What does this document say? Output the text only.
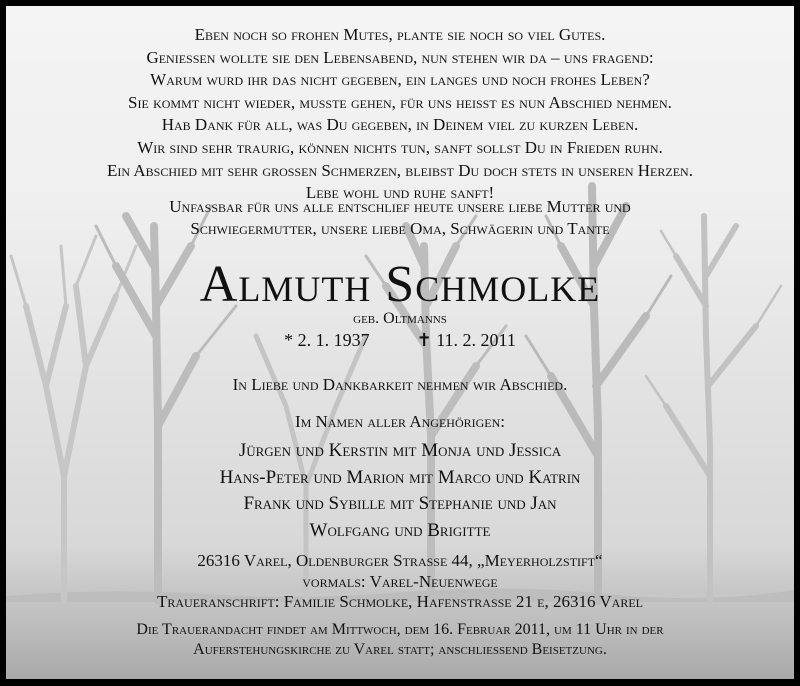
Eben noch so frohen Mutes, plante sie noch so viel Gutes.
Genießen wollte sie den Lebensabend, nun stehen wir da – uns fragend:
Warum wurd ihr das nicht gegeben, ein langes und noch frohes Leben?
Sie kommt nicht wieder, musste gehen, für uns heißt es nun Abschied nehmen.
Hab Dank für all, was Du gegeben, in Deinem viel zu kurzen Leben.
Wir sind sehr traurig, können nichts tun, sanft sollst Du in Frieden ruhn.
Ein Abschied mit sehr großen Schmerzen, bleibst Du doch stets in unseren Herzen.
Lebe wohl und ruhe sanft!
Unfassbar für uns alle entschlief heute unsere liebe Mutter und
Schwiegermutter, unsere liebe Oma, Schwägerin und Tante
Almuth Schmolke
geb. Oltmanns
* 2. 1. 1937	✝ 11. 2. 2011
In Liebe und Dankbarkeit nehmen wir Abschied.
Im Namen aller Angehörigen:
Jürgen und Kerstin mit Monja und Jessica
Hans-Peter und Marion mit Marco und Katrin
Frank und Sybille mit Stephanie und Jan
Wolfgang und Brigitte
26316 Varel, Oldenburger Straße 44, „Meyerholzstift“
vormals: Varel-Neuenwege
Traueranschrift: Familie Schmolke, Hafenstraße 21 e, 26316 Varel
Die Trauerandacht findet am Mittwoch, dem 16. Februar 2011, um 11 Uhr in der
Auferstehungskirche zu Varel statt; anschließend Beisetzung.
